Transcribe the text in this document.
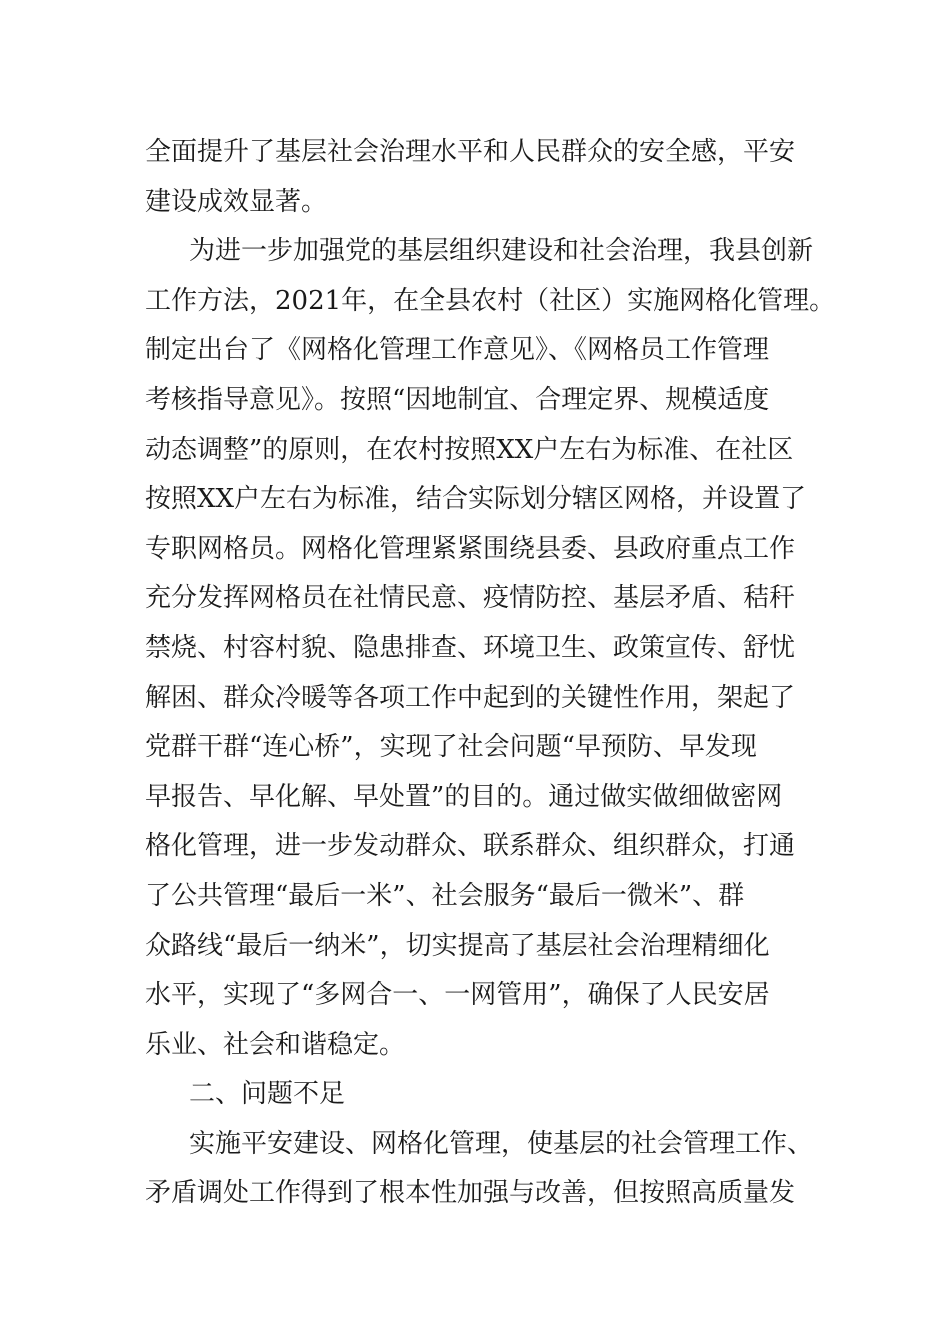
全面提升了基层社会治理水平和人民群众的安全感，平安
建设成效显著。
为进一步加强党的基层组织建设和社会治理，我县创新
工作方法，2021年，在全县农村（社区）实施网格化管理。
制定出台了《网格化管理工作意见》、《网格员工作管理
考核指导意见》。按照“因地制宜、合理定界、规模适度
动态调整”的原则，在农村按照XX户左右为标准、在社区
按照XX户左右为标准，结合实际划分辖区网格，并设置了
专职网格员。网格化管理紧紧围绕县委、县政府重点工作
充分发挥网格员在社情民意、疫情防控、基层矛盾、秸秆
禁烧、村容村貌、隐患排查、环境卫生、政策宣传、舒忧
解困、群众冷暖等各项工作中起到的关键性作用，架起了
党群干群“连心桥”，实现了社会问题“早预防、早发现
早报告、早化解、早处置”的目的。通过做实做细做密网
格化管理，进一步发动群众、联系群众、组织群众，打通
了公共管理“最后一米”、社会服务“最后一微米”、群
众路线“最后一纳米”，切实提高了基层社会治理精细化
水平，实现了“多网合一、一网管用”，确保了人民安居
乐业、社会和谐稳定。
二、问题不足
实施平安建设、网格化管理，使基层的社会管理工作、
矛盾调处工作得到了根本性加强与改善，但按照高质量发
